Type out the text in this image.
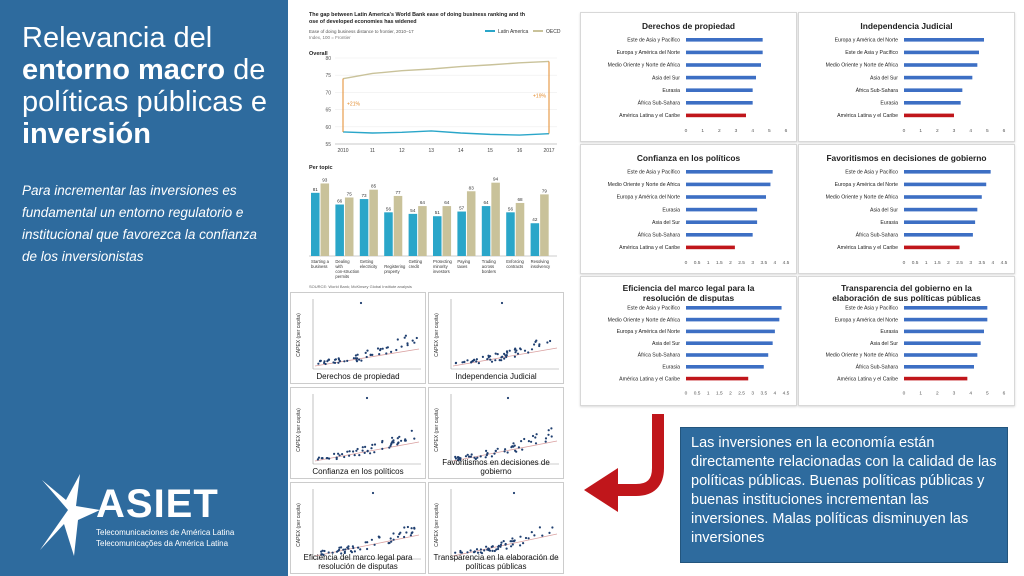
Relevancia del entorno macro de políticas públicas e inversión
Para incrementar las inversiones es fundamental un entorno regulatorio e institucional que favorezca la confianza de los inversionistas
ASIET
Telecomunicaciones de América Latina
Telecomunicações da América Latina
The gap between Latin America's World Bank ease of doing business ranking and th
ose of developed economies has widened
Ease of doing business distance to frontier, 2010–17
Index, 100 = Frontier
Latin America	OECD
Overall
55
60
65
70
75
80
2010	11	12	13	14	15	16	2017
+21%
+19%
Per topic
81
93
Starting a
business
66
75
Dealing
with
con-struction
permits
73
85
Getting
electricity
56
77
Registering
property
54
64
Getting
credit
51
64
Protecting
minority
investors
57
83
Paying
taxes
64
94
Trading
across
borders
56
68
Enforcing
contracts
42
79
Resolving
insolvency
SOURCE: World Bank; McKinsey Global Institute analysis
CAPEX (per capita)
Derechos de propiedad
CAPEX (per capita)
Independencia Judicial
CAPEX (per capita)
Confianza en los políticos
CAPEX (per capita)
Favoritismos en decisiones de gobierno
CAPEX (per capita)
Eficiencia del marco legal para resolución de disputas
CAPEX (per capita)
Transparencia en la elaboración de políticas públicas
Derechos de propiedad
Este de Asia y Pacífico
Europa y América del Norte
Medio Oriente y Norte de Africa
Asia del Sur
Eurasia
África Sub-Sahara
América Latina y el Caribe
0	1	2	3	4	5	6
Independencia Judicial
Europa y América del Norte
Este de Asia y Pacífico
Medio Oriente y Norte de Africa
Asia del Sur
África Sub-Sahara
Eurasia
América Latina y el Caribe
0	1	2	3	4	5	6
Confianza en los políticos
Este de Asia y Pacífico
Medio Oriente y Norte de Africa
Europa y América del Norte
Eurasia
Asia del Sur
África Sub-Sahara
América Latina y el Caribe
0 0.5 1 1.5 2 2.5 3 3.5 4 4.5
Favoritismos en decisiones de gobierno
Este de Asia y Pacífico
Europa y América del Norte
Medio Oriente y Norte de Africa
Asia del Sur
Eurasia
África Sub-Sahara
América Latina y el Caribe
0 0.5 1 1.5 2 2.5 3 3.5 4 4.5
Eficiencia del marco legal para la
resolución de disputas
Este de Asia y Pacífico
Medio Oriente y Norte de Africa
Europa y América del Norte
Asia del Sur
África Sub-Sahara
Eurasia
América Latina y el Caribe
0 0.5 1 1.5 2 2.5 3 3.5 4 4.5
Transparencia del gobierno en la
elaboración de sus políticas públicas
Este de Asia y Pacífico
Europa y América del Norte
Eurasia
Asia del Sur
Medio Oriente y Norte de Africa
África Sub-Sahara
América Latina y el Caribe
0	1	2	3	4	5	6

Las inversiones en la economía están directamente relacionadas con la calidad de las políticas públicas. Buenas políticas públicas y buenas instituciones incrementan las inversiones. Malas políticas disminuyen las inversiones
